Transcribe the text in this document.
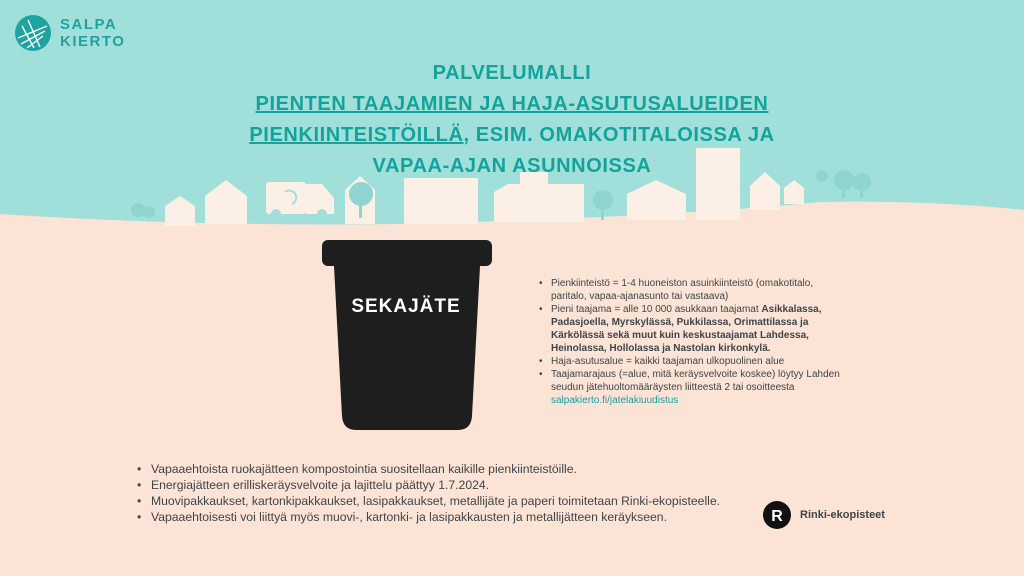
SALPA
KIERTO
PALVELUMALLI
PIENTEN TAAJAMIEN JA HAJA-ASUTUSALUEIDEN
PIENKIINTEISTÖILLÄ, ESIM. OMAKOTITALOISSA JA
VAPAA-AJAN ASUNNOISSA
SEKAJÄTE
• Pienkiinteistö = 1-4 huoneiston asuinkiinteistö (omakotitalo, paritalo, vapaa-ajanasunto tai vastaava)
• Pieni taajama = alle 10 000 asukkaan taajamat Asikkalassa, Padasjoella, Myrskylässä, Pukkilassa, Orimattilassa ja Kärkölässä sekä muut kuin keskustaajamat Lahdessa, Heinolassa, Hollolassa ja Nastolan kirkonkylä.
• Haja-asutusalue = kaikki taajaman ulkopuolinen alue
• Taajamarajaus (=alue, mitä keräysvelvoite koskee) löytyy Lahden seudun jätehuoltomääräysten liitteestä 2 tai osoitteesta salpakierto.fi/jatelakiuudistus
• Vapaaehtoista ruokajätteen kompostointia suositellaan kaikille pienkiinteistöille.
• Energiajätteen erilliskeräysvelvoite ja lajittelu päättyy 1.7.2024.
• Muovipakkaukset, kartonkipakkaukset, lasipakkaukset, metallijäte ja paperi toimitetaan Rinki-ekopisteelle.
• Vapaaehtoisesti voi liittyä myös muovi-, kartonki- ja lasipakkausten ja metallijätteen keräykseen.	R Rinki-ekopisteet
